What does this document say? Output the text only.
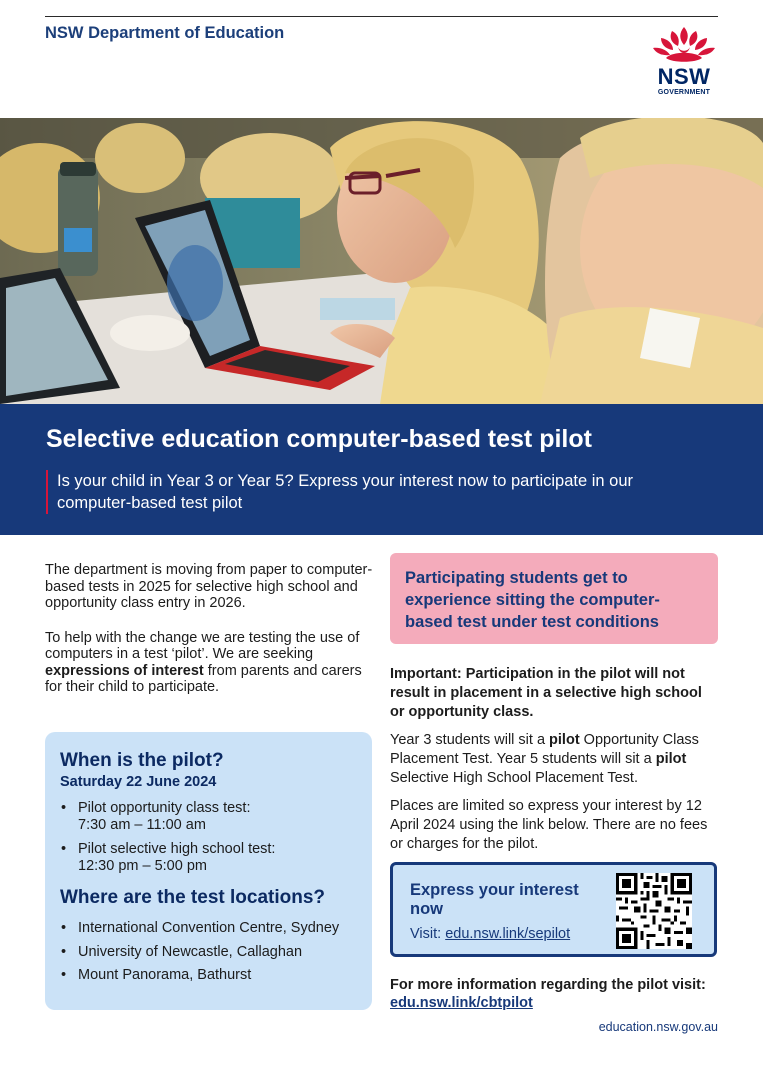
NSW Department of Education
NSW
GOVERNMENT
Selective education computer-based test pilot
Is your child in Year 3 or Year 5? Express your interest now to participate in our computer-based test pilot

The department is moving from paper to computer-based tests in 2025 for selective high school and opportunity class entry in 2026.

To help with the change we are testing the use of computers in a test ‘pilot’. We are seeking expressions of interest from parents and carers for their child to participate.

When is the pilot?
Saturday 22 June 2024
• Pilot opportunity class test:
7:30 am – 11:00 am
• Pilot selective high school test:
12:30 pm – 5:00 pm
Where are the test locations?
• International Convention Centre, Sydney
• University of Newcastle, Callaghan
• Mount Panorama, Bathurst

Participating students get to experience sitting the computer-based test under test conditions

Important: Participation in the pilot will not result in placement in a selective high school or opportunity class.

Year 3 students will sit a pilot Opportunity Class Placement Test. Year 5 students will sit a pilot Selective High School Placement Test.

Places are limited so express your interest by 12 April 2024 using the link below. There are no fees or charges for the pilot.

Express your interest now
Visit: edu.nsw.link/sepilot
For more information regarding the pilot visit: edu.nsw.link/cbtpilot
education.nsw.gov.au
